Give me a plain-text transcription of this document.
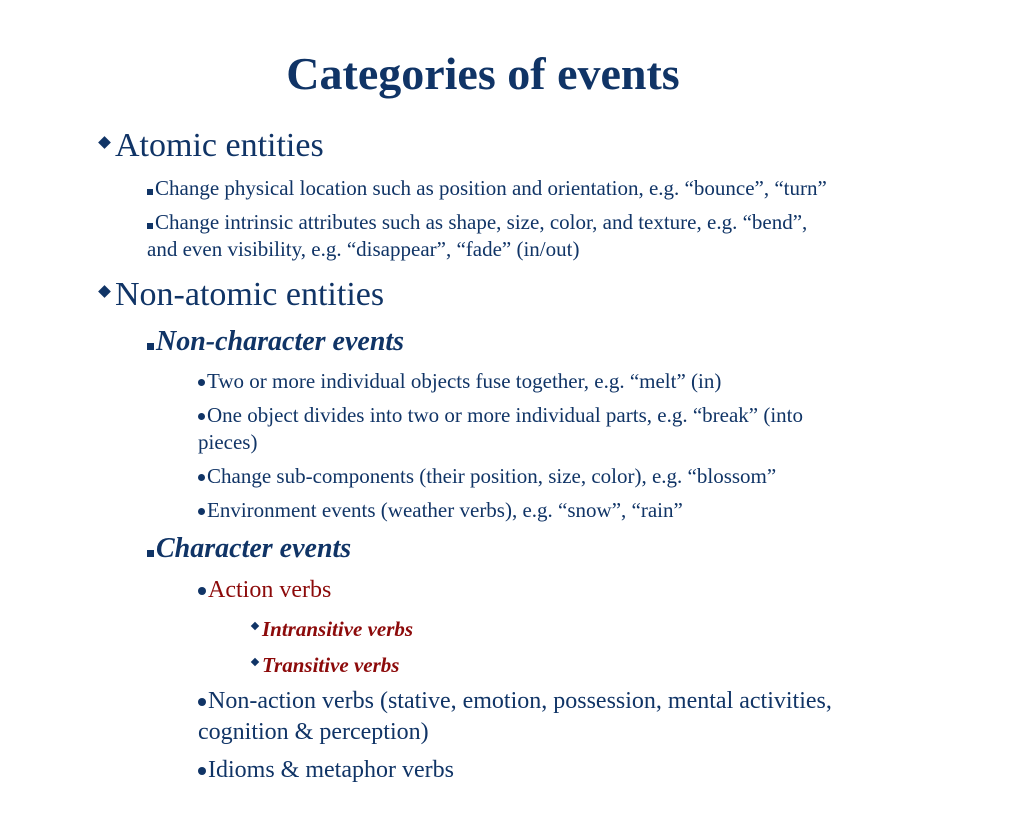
Categories of events
Atomic entities
Change physical location such as position and orientation, e.g. “bounce”, “turn”
Change intrinsic attributes such as shape, size, color, and texture, e.g. “bend”,
and even visibility, e.g. “disappear”, “fade” (in/out)
Non-atomic entities
Non-character events
Two or more individual objects fuse together, e.g. “melt” (in)
One object divides into two or more individual parts, e.g. “break” (into
pieces)
Change sub-components (their position, size, color), e.g. “blossom”
Environment events (weather verbs), e.g. “snow”, “rain”
Character events
Action verbs
Intransitive verbs
Transitive verbs
Non-action verbs (stative, emotion, possession, mental activities,
cognition & perception)
Idioms & metaphor verbs
